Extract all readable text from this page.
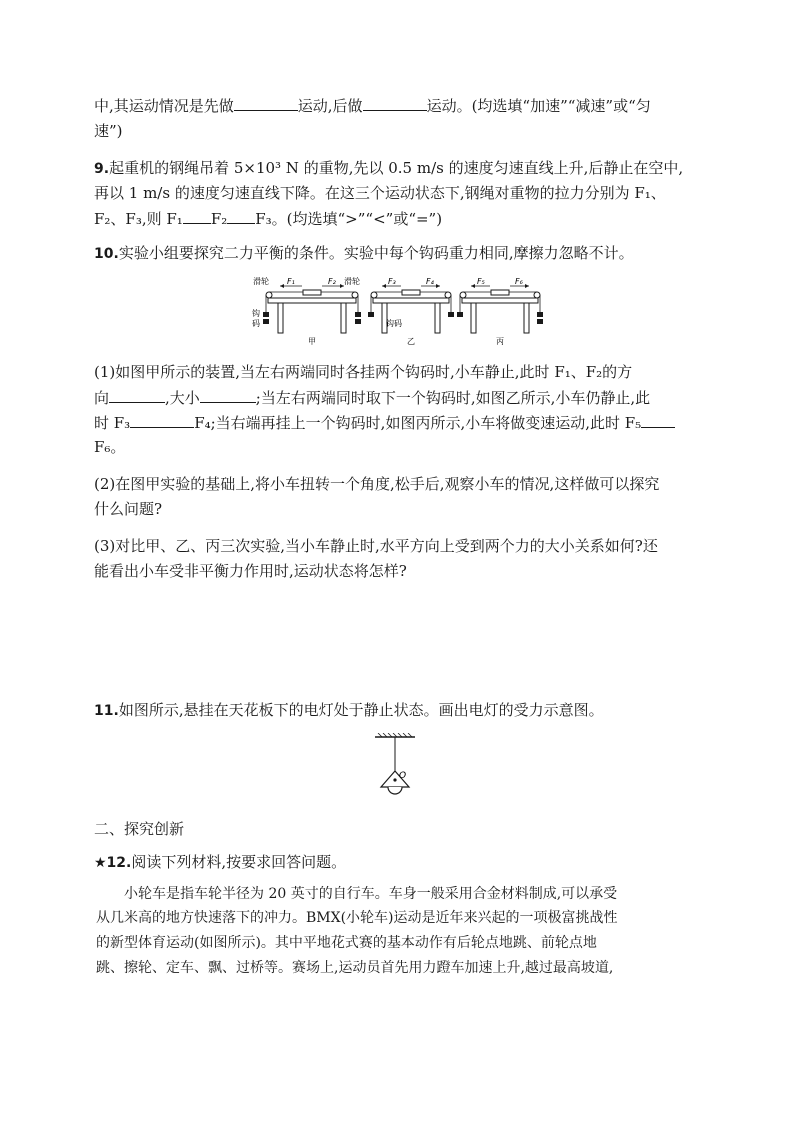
中,其运动情况是先做	运动,后做	运动。(均选填“加速”“减速”或“匀
速”)
9.起重机的钢绳吊着 5×10³ N 的重物,先以 0.5 m/s 的速度匀速直线上升,后静止在空中,
再以 1 m/s 的速度匀速直线下降。在这三个运动状态下,钢绳对重物的拉力分别为 F₁、
F₂、F₃,则 F₁ F₂ F₃。(均选填“>”“<”或“=”)
10.实验小组要探究二力平衡的条件。实验中每个钩码重力相同,摩擦力忽略不计。
滑轮	滑轮
钩
码
F₁	F₂
甲
F₃	F₄
乙
F₅	F₆
丙
钩码
(1)如图甲所示的装置,当左右两端同时各挂两个钩码时,小车静止,此时 F₁、F₂的方
向	,大小	;当左右两端同时取下一个钩码时,如图乙所示,小车仍静止,此
时 F₃	F₄;当右端再挂上一个钩码时,如图丙所示,小车将做变速运动,此时 F₅
F₆。
(2)在图甲实验的基础上,将小车扭转一个角度,松手后,观察小车的情况,这样做可以探究
什么问题?
(3)对比甲、乙、丙三次实验,当小车静止时,水平方向上受到两个力的大小关系如何?还
能看出小车受非平衡力作用时,运动状态将怎样?
11.如图所示,悬挂在天花板下的电灯处于静止状态。画出电灯的受力示意图。
O
二、探究创新
★12.阅读下列材料,按要求回答问题。
小轮车是指车轮半径为 20 英寸的自行车。车身一般采用合金材料制成,可以承受
从几米高的地方快速落下的冲力。BMX(小轮车)运动是近年来兴起的一项极富挑战性
的新型体育运动(如图所示)。其中平地花式赛的基本动作有后轮点地跳、前轮点地
跳、擦轮、定车、飘、过桥等。赛场上,运动员首先用力蹬车加速上升,越过最高坡道,
